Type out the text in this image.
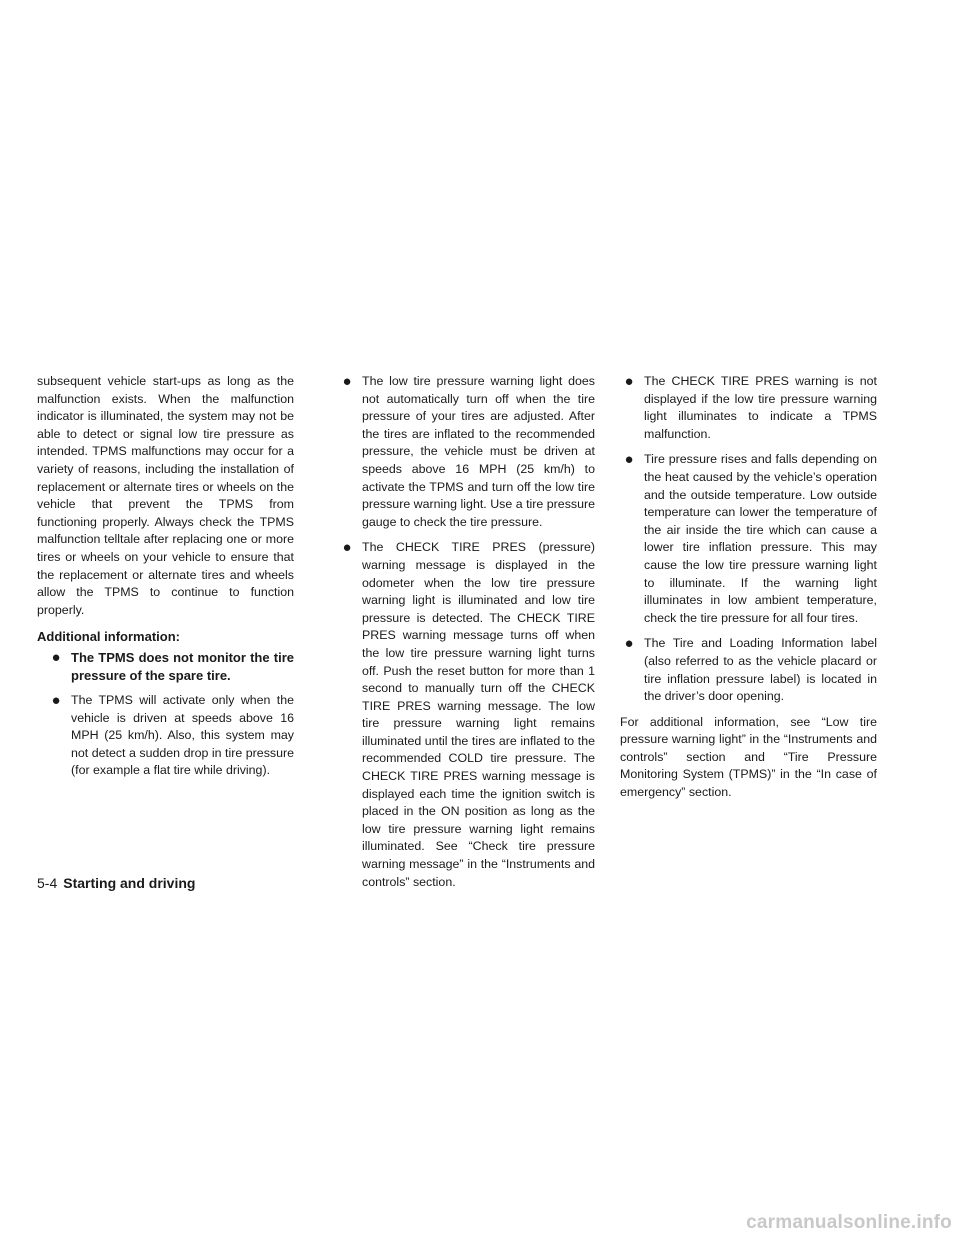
subsequent vehicle start-ups as long as the malfunction exists. When the malfunction indicator is illuminated, the system may not be able to detect or signal low tire pressure as intended. TPMS malfunctions may occur for a variety of reasons, including the installation of replacement or alternate tires or wheels on the vehicle that prevent the TPMS from functioning properly. Always check the TPMS malfunction telltale after replacing one or more tires or wheels on your vehicle to ensure that the replacement or alternate tires and wheels allow the TPMS to continue to function properly.

Additional information:
● The TPMS does not monitor the tire pressure of the spare tire.
● The TPMS will activate only when the vehicle is driven at speeds above 16 MPH (25 km/h). Also, this system may not detect a sudden drop in tire pressure (for example a flat tire while driving).
● The low tire pressure warning light does not automatically turn off when the tire pressure of your tires are adjusted. After the tires are inflated to the recommended pressure, the vehicle must be driven at speeds above 16 MPH (25 km/h) to activate the TPMS and turn off the low tire pressure warning light. Use a tire pressure gauge to check the tire pressure.
● The CHECK TIRE PRES (pressure) warning message is displayed in the odometer when the low tire pressure warning light is illuminated and low tire pressure is detected. The CHECK TIRE PRES warning message turns off when the low tire pressure warning light turns off. Push the reset button for more than 1 second to manually turn off the CHECK TIRE PRES warning message. The low tire pressure warning light remains illuminated until the tires are inflated to the recommended COLD tire pressure. The CHECK TIRE PRES warning message is displayed each time the ignition switch is placed in the ON position as long as the low tire pressure warning light remains illuminated. See “Check tire pressure warning message” in the “Instruments and controls” section.
● The CHECK TIRE PRES warning is not displayed if the low tire pressure warning light illuminates to indicate a TPMS malfunction.
● Tire pressure rises and falls depending on the heat caused by the vehicle’s operation and the outside temperature. Low outside temperature can lower the temperature of the air inside the tire which can cause a lower tire inflation pressure. This may cause the low tire pressure warning light to illuminate. If the warning light illuminates in low ambient temperature, check the tire pressure for all four tires.
● The Tire and Loading Information label (also referred to as the vehicle placard or tire inflation pressure label) is located in the driver’s door opening.

For additional information, see “Low tire pressure warning light” in the “Instruments and controls” section and “Tire Pressure Monitoring System (TPMS)” in the “In case of emergency” section.

5-4 Starting and driving
carmanualsonline.info
